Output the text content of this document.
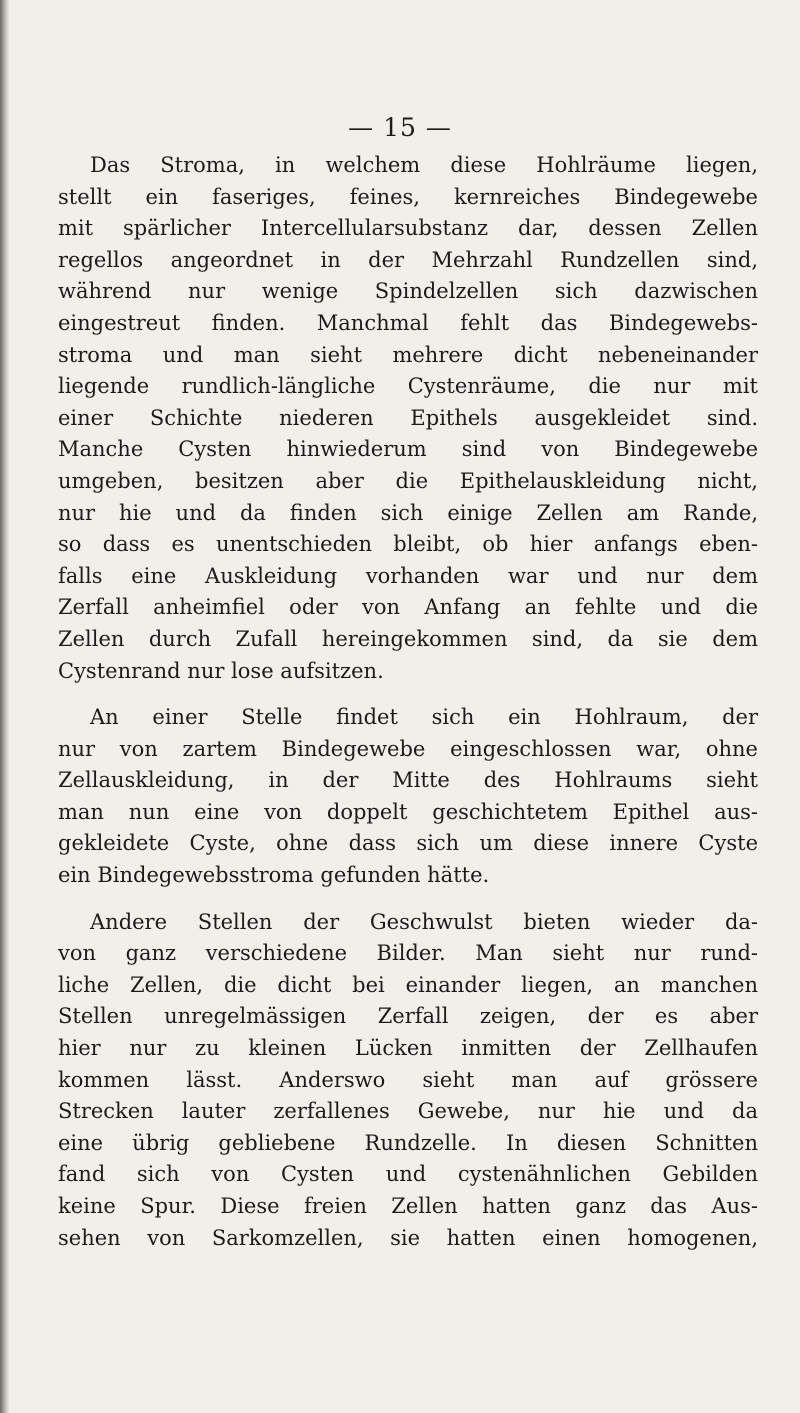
— 15 —
Das Stroma, in welchem diese Hohlräume liegen,
stellt ein faseriges, feines, kernreiches Bindegewebe
mit spärlicher Intercellularsubstanz dar, dessen Zellen
regellos angeordnet in der Mehrzahl Rundzellen sind,
während nur wenige Spindelzellen sich dazwischen
eingestreut finden. Manchmal fehlt das Bindegewebs-
stroma und man sieht mehrere dicht nebeneinander
liegende rundlich-längliche Cystenräume, die nur mit
einer Schichte niederen Epithels ausgekleidet sind.
Manche Cysten hinwiederum sind von Bindegewebe
umgeben, besitzen aber die Epithelauskleidung nicht,
nur hie und da finden sich einige Zellen am Rande,
so dass es unentschieden bleibt, ob hier anfangs eben-
falls eine Auskleidung vorhanden war und nur dem
Zerfall anheimfiel oder von Anfang an fehlte und die
Zellen durch Zufall hereingekommen sind, da sie dem
Cystenrand nur lose aufsitzen.
An einer Stelle findet sich ein Hohlraum, der
nur von zartem Bindegewebe eingeschlossen war, ohne
Zellauskleidung, in der Mitte des Hohlraums sieht
man nun eine von doppelt geschichtetem Epithel aus-
gekleidete Cyste, ohne dass sich um diese innere Cyste
ein Bindegewebsstroma gefunden hätte.
Andere Stellen der Geschwulst bieten wieder da-
von ganz verschiedene Bilder. Man sieht nur rund-
liche Zellen, die dicht bei einander liegen, an manchen
Stellen unregelmässigen Zerfall zeigen, der es aber
hier nur zu kleinen Lücken inmitten der Zellhaufen
kommen lässt. Anderswo sieht man auf grössere
Strecken lauter zerfallenes Gewebe, nur hie und da
eine übrig gebliebene Rundzelle. In diesen Schnitten
fand sich von Cysten und cystenähnlichen Gebilden
keine Spur. Diese freien Zellen hatten ganz das Aus-
sehen von Sarkomzellen, sie hatten einen homogenen,
